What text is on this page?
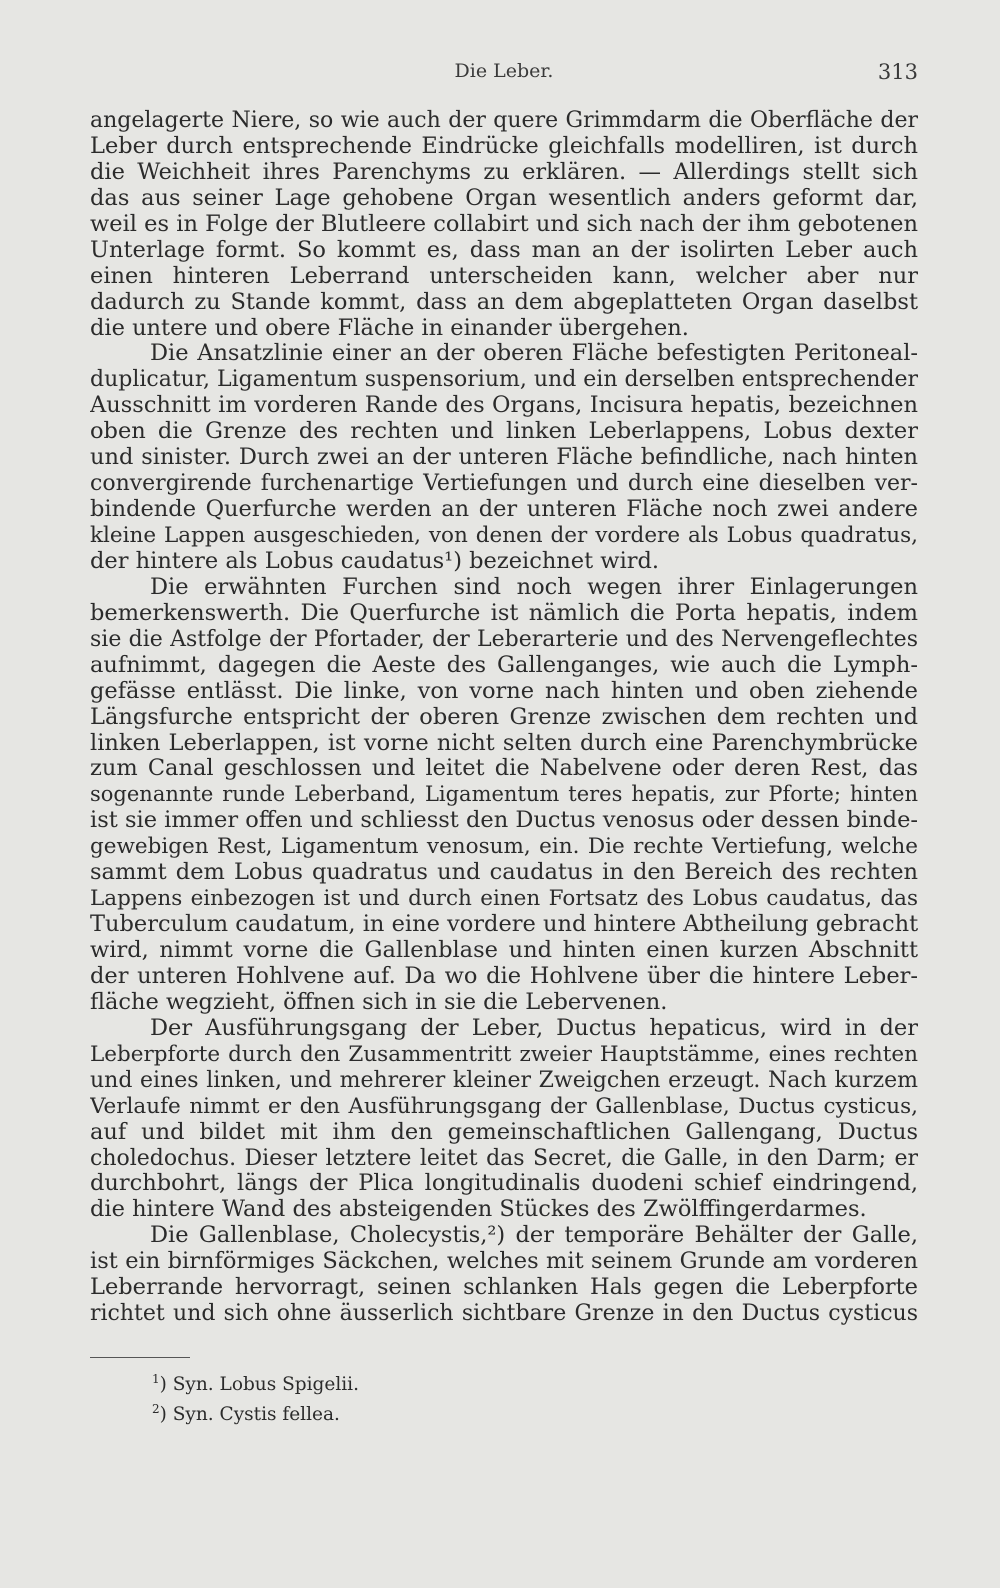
Die Leber.	313
angelagerte Niere, so wie auch der quere Grimmdarm die Oberfläche der
Leber durch entsprechende Eindrücke gleichfalls modelliren, ist durch
die Weichheit ihres Parenchyms zu erklären. — Allerdings stellt sich
das aus seiner Lage gehobene Organ wesentlich anders geformt dar,
weil es in Folge der Blutleere collabirt und sich nach der ihm gebotenen
Unterlage formt. So kommt es, dass man an der isolirten Leber auch
einen hinteren Leberrand unterscheiden kann, welcher aber nur
dadurch zu Stande kommt, dass an dem abgeplatteten Organ daselbst
die untere und obere Fläche in einander übergehen.
Die Ansatzlinie einer an der oberen Fläche befestigten Peritoneal-
duplicatur, Ligamentum suspensorium, und ein derselben entsprechender
Ausschnitt im vorderen Rande des Organs, Incisura hepatis, bezeichnen
oben die Grenze des rechten und linken Leberlappens, Lobus dexter
und sinister. Durch zwei an der unteren Fläche befindliche, nach hinten
convergirende furchenartige Vertiefungen und durch eine dieselben ver-
bindende Querfurche werden an der unteren Fläche noch zwei andere
kleine Lappen ausgeschieden, von denen der vordere als Lobus quadratus,
der hintere als Lobus caudatus¹) bezeichnet wird.
Die erwähnten Furchen sind noch wegen ihrer Einlagerungen
bemerkenswerth. Die Querfurche ist nämlich die Porta hepatis, indem
sie die Astfolge der Pfortader, der Leberarterie und des Nervengeflechtes
aufnimmt, dagegen die Aeste des Gallenganges, wie auch die Lymph-
gefässe entlässt. Die linke, von vorne nach hinten und oben ziehende
Längsfurche entspricht der oberen Grenze zwischen dem rechten und
linken Leberlappen, ist vorne nicht selten durch eine Parenchymbrücke
zum Canal geschlossen und leitet die Nabelvene oder deren Rest, das
sogenannte runde Leberband, Ligamentum teres hepatis, zur Pforte; hinten
ist sie immer offen und schliesst den Ductus venosus oder dessen binde-
gewebigen Rest, Ligamentum venosum, ein. Die rechte Vertiefung, welche
sammt dem Lobus quadratus und caudatus in den Bereich des rechten
Lappens einbezogen ist und durch einen Fortsatz des Lobus caudatus, das
Tuberculum caudatum, in eine vordere und hintere Abtheilung gebracht
wird, nimmt vorne die Gallenblase und hinten einen kurzen Abschnitt
der unteren Hohlvene auf. Da wo die Hohlvene über die hintere Leber-
fläche wegzieht, öffnen sich in sie die Lebervenen.
Der Ausführungsgang der Leber, Ductus hepaticus, wird in der
Leberpforte durch den Zusammentritt zweier Hauptstämme, eines rechten
und eines linken, und mehrerer kleiner Zweigchen erzeugt. Nach kurzem
Verlaufe nimmt er den Ausführungsgang der Gallenblase, Ductus cysticus,
auf und bildet mit ihm den gemeinschaftlichen Gallengang, Ductus
choledochus. Dieser letztere leitet das Secret, die Galle, in den Darm; er
durchbohrt, längs der Plica longitudinalis duodeni schief eindringend,
die hintere Wand des absteigenden Stückes des Zwölffingerdarmes.
Die Gallenblase, Cholecystis,²) der temporäre Behälter der Galle,
ist ein birnförmiges Säckchen, welches mit seinem Grunde am vorderen
Leberrande hervorragt, seinen schlanken Hals gegen die Leberpforte
richtet und sich ohne äusserlich sichtbare Grenze in den Ductus cysticus
$^1$) Syn. Lobus Spigelii.
$^2$) Syn. Cystis fellea.
